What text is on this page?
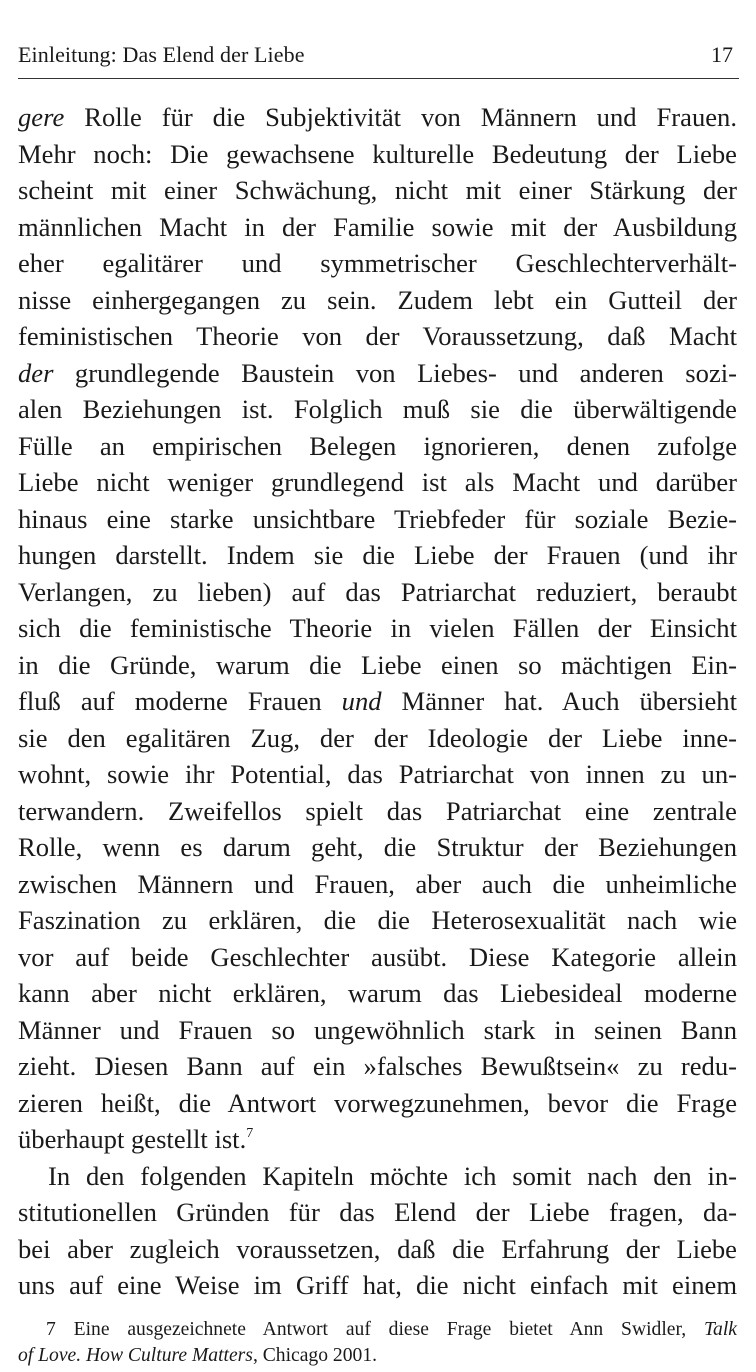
Einleitung: Das Elend der Liebe	17
gere Rolle für die Subjektivität von Männern und Frauen.
Mehr noch: Die gewachsene kulturelle Bedeutung der Liebe
scheint mit einer Schwächung, nicht mit einer Stärkung der
männlichen Macht in der Familie sowie mit der Ausbildung
eher egalitärer und symmetrischer Geschlechterverhält-
nisse einhergegangen zu sein. Zudem lebt ein Gutteil der
feministischen Theorie von der Voraussetzung, daß Macht
der grundlegende Baustein von Liebes- und anderen sozi-
alen Beziehungen ist. Folglich muß sie die überwältigende
Fülle an empirischen Belegen ignorieren, denen zufolge
Liebe nicht weniger grundlegend ist als Macht und darüber
hinaus eine starke unsichtbare Triebfeder für soziale Bezie-
hungen darstellt. Indem sie die Liebe der Frauen (und ihr
Verlangen, zu lieben) auf das Patriarchat reduziert, beraubt
sich die feministische Theorie in vielen Fällen der Einsicht
in die Gründe, warum die Liebe einen so mächtigen Ein-
fluß auf moderne Frauen und Männer hat. Auch übersieht
sie den egalitären Zug, der der Ideologie der Liebe inne-
wohnt, sowie ihr Potential, das Patriarchat von innen zu un-
terwandern. Zweifellos spielt das Patriarchat eine zentrale
Rolle, wenn es darum geht, die Struktur der Beziehungen
zwischen Männern und Frauen, aber auch die unheimliche
Faszination zu erklären, die die Heterosexualität nach wie
vor auf beide Geschlechter ausübt. Diese Kategorie allein
kann aber nicht erklären, warum das Liebesideal moderne
Männer und Frauen so ungewöhnlich stark in seinen Bann
zieht. Diesen Bann auf ein »falsches Bewußtsein« zu redu-
zieren heißt, die Antwort vorwegzunehmen, bevor die Frage
überhaupt gestellt ist.$^7$
In den folgenden Kapiteln möchte ich somit nach den in-
stitutionellen Gründen für das Elend der Liebe fragen, da-
bei aber zugleich voraussetzen, daß die Erfahrung der Liebe
uns auf eine Weise im Griff hat, die nicht einfach mit einem
7 Eine ausgezeichnete Antwort auf diese Frage bietet Ann Swidler, Talk
of Love. How Culture Matters, Chicago 2001.
